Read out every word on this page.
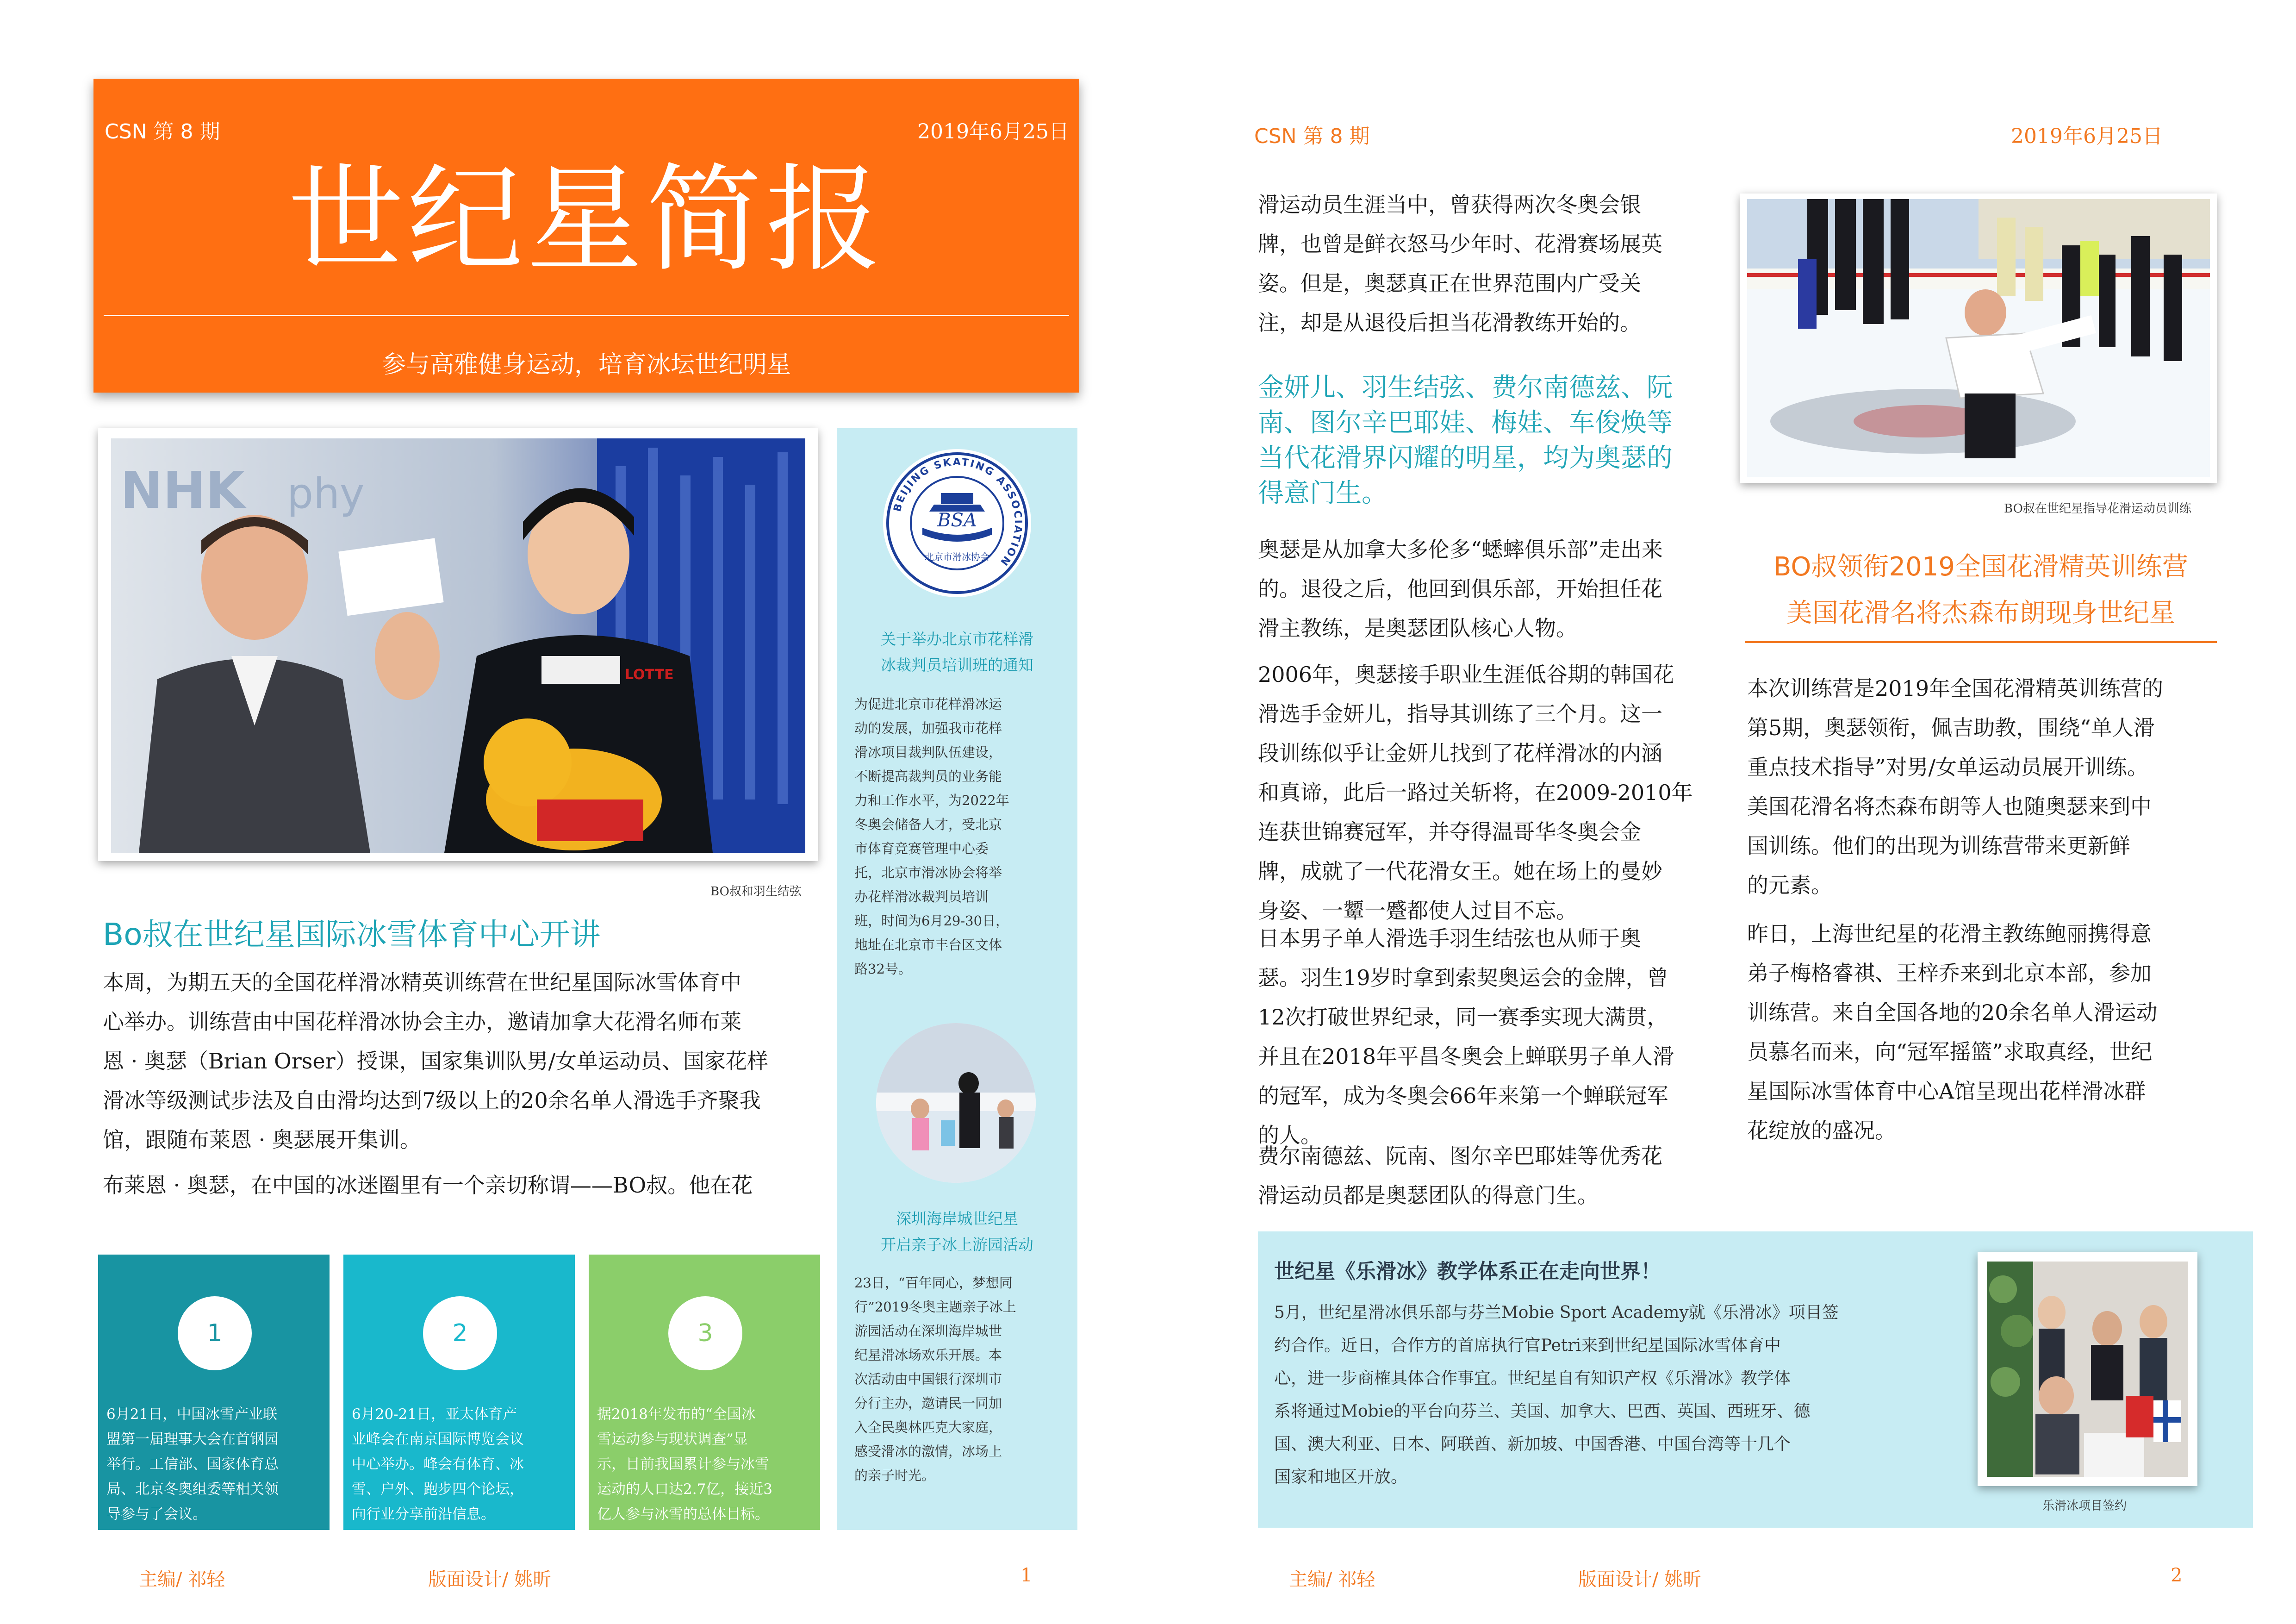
CSN 第 8 期	2019年6月25日
世纪星简报
参与高雅健身运动，培育冰坛世纪明星
NHK phy
LOTTE
BO叔和羽生结弦
Bo叔在世纪星国际冰雪体育中心开讲
本周，为期五天的全国花样滑冰精英训练营在世纪星国际冰雪体育中
心举办。训练营由中国花样滑冰协会主办，邀请加拿大花滑名师布莱
恩 · 奥瑟（Brian Orser）授课，国家集训队男/女单运动员、国家花样
滑冰等级测试步法及自由滑均达到7级以上的20余名单人滑选手齐聚我
馆，跟随布莱恩 · 奥瑟展开集训。
布莱恩 · 奥瑟，在中国的冰迷圈里有一个亲切称谓——BO叔。他在花
BEIJING SKATING ASSOCIATION
BSA
北京市滑冰协会
关于举办北京市花样滑
冰裁判员培训班的通知
为促进北京市花样滑冰运
动的发展，加强我市花样
滑冰项目裁判队伍建设，
不断提高裁判员的业务能
力和工作水平，为2022年
冬奥会储备人才，受北京
市体育竞赛管理中心委
托，北京市滑冰协会将举
办花样滑冰裁判员培训
班，时间为6月29-30日，
地址在北京市丰台区文体
路32号。
深圳海岸城世纪星
开启亲子冰上游园活动
23日，“百年同心，梦想同
行”2019冬奥主题亲子冰上
游园活动在深圳海岸城世
纪星滑冰场欢乐开展。本
次活动由中国银行深圳市
分行主办，邀请民一同加
入全民奥林匹克大家庭，
感受滑冰的激情，冰场上
的亲子时光。
1
6月21日，中国冰雪产业联
盟第一届理事大会在首钢园
举行。工信部、国家体育总
局、北京冬奥组委等相关领
导参与了会议。
2
6月20-21日，亚太体育产
业峰会在南京国际博览会议
中心举办。峰会有体育、冰
雪、户外、跑步四个论坛，
向行业分享前沿信息。
3
据2018年发布的“全国冰
雪运动参与现状调查”显
示，目前我国累计参与冰雪
运动的人口达2.7亿，接近3
亿人参与冰雪的总体目标。
主编/ 祁轻	版面设计/ 姚昕	1
CSN 第 8 期	2019年6月25日
滑运动员生涯当中，曾获得两次冬奥会银
牌，也曾是鲜衣怒马少年时、花滑赛场展英
姿。但是，奥瑟真正在世界范围内广受关
注，却是从退役后担当花滑教练开始的。
金妍儿、羽生结弦、费尔南德兹、阮
南、图尔辛巴耶娃、梅娃、车俊焕等
当代花滑界闪耀的明星，均为奥瑟的
得意门生。
奥瑟是从加拿大多伦多“蟋蟀俱乐部”走出来
的。退役之后，他回到俱乐部，开始担任花
滑主教练，是奥瑟团队核心人物。
2006年，奥瑟接手职业生涯低谷期的韩国花
滑选手金妍儿，指导其训练了三个月。这一
段训练似乎让金妍儿找到了花样滑冰的内涵
和真谛，此后一路过关斩将，在2009-2010年
连获世锦赛冠军，并夺得温哥华冬奥会金
牌，成就了一代花滑女王。她在场上的曼妙
身姿、一颦一蹙都使人过目不忘。
日本男子单人滑选手羽生结弦也从师于奥
瑟。羽生19岁时拿到索契奥运会的金牌，曾
12次打破世界纪录，同一赛季实现大满贯，
并且在2018年平昌冬奥会上蝉联男子单人滑
的冠军，成为冬奥会66年来第一个蝉联冠军
的人。
费尔南德兹、阮南、图尔辛巴耶娃等优秀花
滑运动员都是奥瑟团队的得意门生。
BO叔在世纪星指导花滑运动员训练
BO叔领衔2019全国花滑精英训练营
美国花滑名将杰森布朗现身世纪星
本次训练营是2019年全国花滑精英训练营的
第5期，奥瑟领衔，佩吉助教，围绕“单人滑
重点技术指导”对男/女单运动员展开训练。
美国花滑名将杰森布朗等人也随奥瑟来到中
国训练。他们的出现为训练营带来更新鲜
的元素。
昨日，上海世纪星的花滑主教练鲍丽携得意
弟子梅格睿祺、王梓乔来到北京本部，参加
训练营。来自全国各地的20余名单人滑运动
员慕名而来，向“冠军摇篮”求取真经，世纪
星国际冰雪体育中心A馆呈现出花样滑冰群
花绽放的盛况。
世纪星《乐滑冰》教学体系正在走向世界！
5月，世纪星滑冰俱乐部与芬兰Mobie Sport Academy就《乐滑冰》项目签
约合作。近日，合作方的首席执行官Petri来到世纪星国际冰雪体育中
心，进一步商榷具体合作事宜。世纪星自有知识产权《乐滑冰》教学体
系将通过Mobie的平台向芬兰、美国、加拿大、巴西、英国、西班牙、德
国、澳大利亚、日本、阿联酋、新加坡、中国香港、中国台湾等十几个
国家和地区开放。
乐滑冰项目签约
主编/ 祁轻	版面设计/ 姚昕	2
